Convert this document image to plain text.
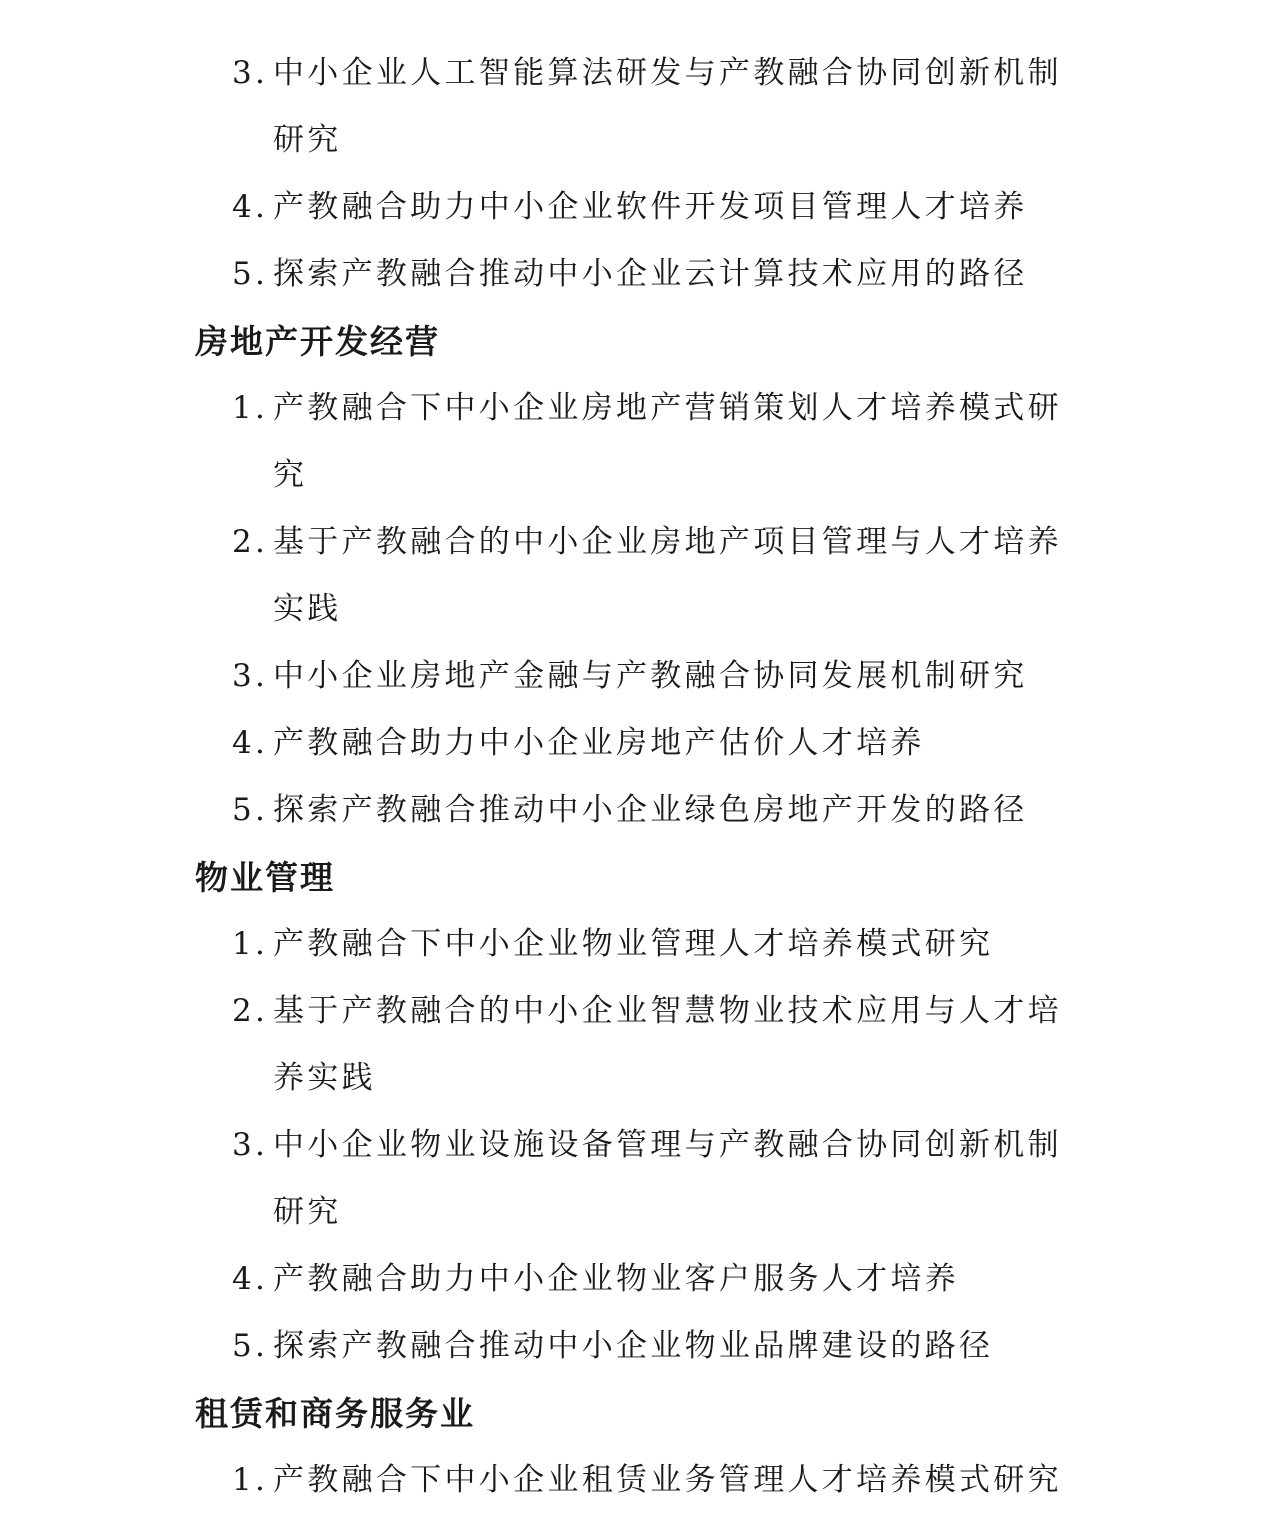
3. 中小企业人工智能算法研发与产教融合协同创新机制
研究
4. 产教融合助力中小企业软件开发项目管理人才培养
5. 探索产教融合推动中小企业云计算技术应用的路径
房地产开发经营
1. 产教融合下中小企业房地产营销策划人才培养模式研
究
2. 基于产教融合的中小企业房地产项目管理与人才培养
实践
3. 中小企业房地产金融与产教融合协同发展机制研究
4. 产教融合助力中小企业房地产估价人才培养
5. 探索产教融合推动中小企业绿色房地产开发的路径
物业管理
1. 产教融合下中小企业物业管理人才培养模式研究
2. 基于产教融合的中小企业智慧物业技术应用与人才培
养实践
3. 中小企业物业设施设备管理与产教融合协同创新机制
研究
4. 产教融合助力中小企业物业客户服务人才培养
5. 探索产教融合推动中小企业物业品牌建设的路径
租赁和商务服务业
1. 产教融合下中小企业租赁业务管理人才培养模式研究
